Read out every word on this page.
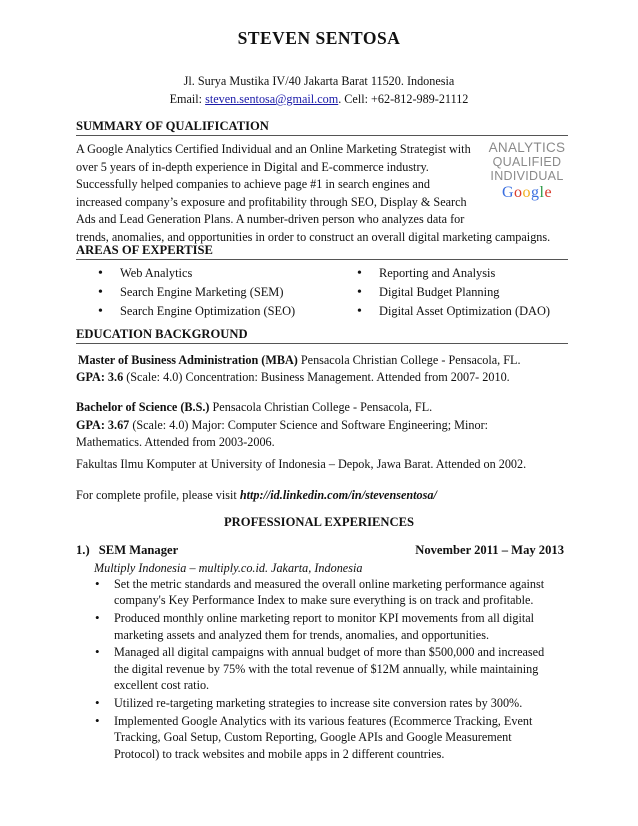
STEVEN SENTOSA
Jl. Surya Mustika IV/40 Jakarta Barat 11520. Indonesia
Email: steven.sentosa@gmail.com. Cell: +62-812-989-21112
SUMMARY OF QUALIFICATION
A Google Analytics Certified Individual and an Online Marketing Strategist with
over 5 years of in-depth experience in Digital and E-commerce industry.
Successfully helped companies to achieve page #1 in search engines and
increased company’s exposure and profitability through SEO, Display & Search
Ads and Lead Generation Plans. A number-driven person who analyzes data for
trends, anomalies, and opportunities in order to construct an overall digital marketing campaigns.
ANALYTICS
QUALIFIED
INDIVIDUAL
Google
AREAS OF EXPERTISE
• Web Analytics
• Search Engine Marketing (SEM)
• Search Engine Optimization (SEO)
• Reporting and Analysis
• Digital Budget Planning
• Digital Asset Optimization (DAO)
EDUCATION BACKGROUND
Master of Business Administration (MBA) Pensacola Christian College - Pensacola, FL.
GPA: 3.6 (Scale: 4.0) Concentration: Business Management. Attended from 2007- 2010.
Bachelor of Science (B.S.) Pensacola Christian College - Pensacola, FL.
GPA: 3.67 (Scale: 4.0) Major: Computer Science and Software Engineering; Minor:
Mathematics. Attended from 2003-2006.
Fakultas Ilmu Komputer at University of Indonesia – Depok, Jawa Barat. Attended on 2002.
For complete profile, please visit http://id.linkedin.com/in/stevensentosa/
PROFESSIONAL EXPERIENCES
1.) SEM Manager	November 2011 – May 2013
Multiply Indonesia – multiply.co.id. Jakarta, Indonesia
• Set the metric standards and measured the overall online marketing performance against
company's Key Performance Index to make sure everything is on track and profitable.
• Produced monthly online marketing report to monitor KPI movements from all digital
marketing assets and analyzed them for trends, anomalies, and opportunities.
• Managed all digital campaigns with annual budget of more than $500,000 and increased
the digital revenue by 75% with the total revenue of $12M annually, while maintaining
excellent cost ratio.
• Utilized re-targeting marketing strategies to increase site conversion rates by 300%.
• Implemented Google Analytics with its various features (Ecommerce Tracking, Event
Tracking, Goal Setup, Custom Reporting, Google APIs and Google Measurement
Protocol) to track websites and mobile apps in 2 different countries.
